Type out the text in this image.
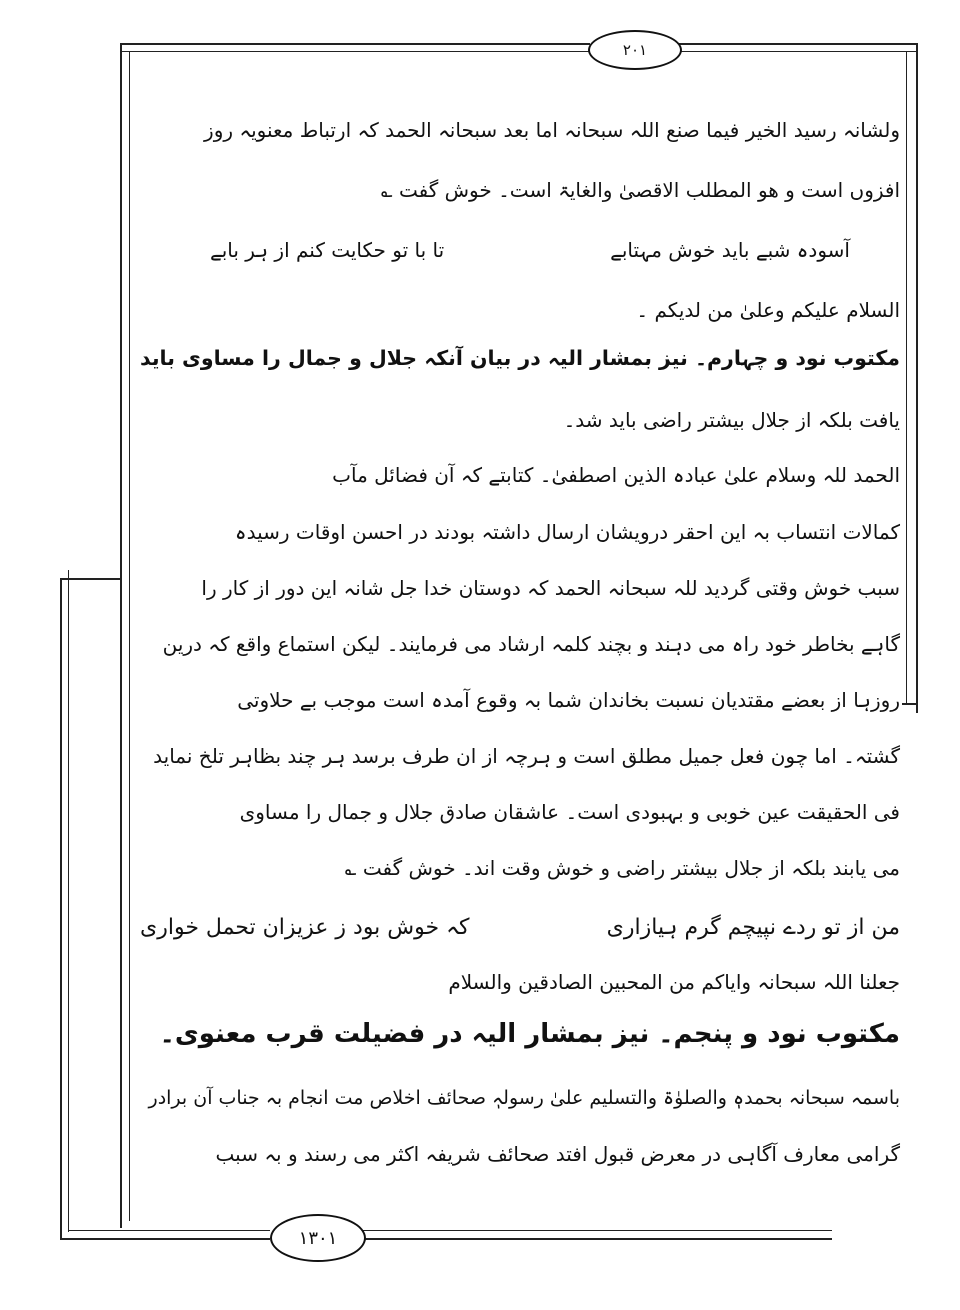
۲۰۱
۱۳۰۱
ولشانہ رسید الخیر فیما صنع اللہ سبحانہ اما بعد سبحانہ الحمد کہ ارتباط معنویہ روز
افزوں است و ھو المطلب الاقصیٰ والغایۃ است۔ خوش گفت ؎
آسودہ شبے باید خوش مہتابے
تا با تو حکایت کنم از ہر بابے
السلام علیکم وعلیٰ من لدیکم ۔
مکتوب نود و چہارم۔ نیز بمشار الیہ در بیان آنکہ جلال و جمال را مساوی باید
یافت بلکہ از جلال بیشتر راضی باید شد۔
الحمد للہ وسلام علیٰ عبادہ الذین اصطفیٰ۔ کتابتے کہ آن فضائل مآب
کمالات انتساب بہ این احقر درویشان ارسال داشتہ بودند در احسن اوقات رسیدہ
سبب خوش وقتی گردید للہ سبحانہ الحمد کہ دوستان خدا جل شانہ این دور از کار را
گاہے بخاطر خود راہ می دہند و بچند کلمہ ارشاد می فرمایند۔ لیکن استماع واقع کہ درین
روزہا از بعضے مقتدیان نسبت بخاندان شما بہ وقوع آمدہ است موجب بے حلاوتی
گشتہ۔ اما چون فعل جمیل مطلق است و ہرچہ از ان طرف برسد ہر چند بظاہر تلخ نماید
فی الحقیقت عین خوبی و بہبودی است۔ عاشقان صادق جلال و جمال را مساوی
می یابند بلکہ از جلال بیشتر راضی و خوش وقت اند۔ خوش گفت ؎
من از تو ردے نپیچم گرم ہیازاری
کہ خوش بود ز عزیزان تحمل خواری
جعلنا اللہ سبحانہ وایاکم من المحبین الصادقین والسلام
مکتوب نود و پنجم۔ نیز بمشار الیہ در فضیلت قرب معنوی۔
باسمہ سبحانہ بحمدہٖ والصلوٰۃ والتسلیم علیٰ رسولہٖ صحائف اخلاص مت انجام بہ جناب آن برادر
گرامی معارف آگاہی در معرض قبول افتد صحائف شریفہ اکثر می رسند و بہ سبب
